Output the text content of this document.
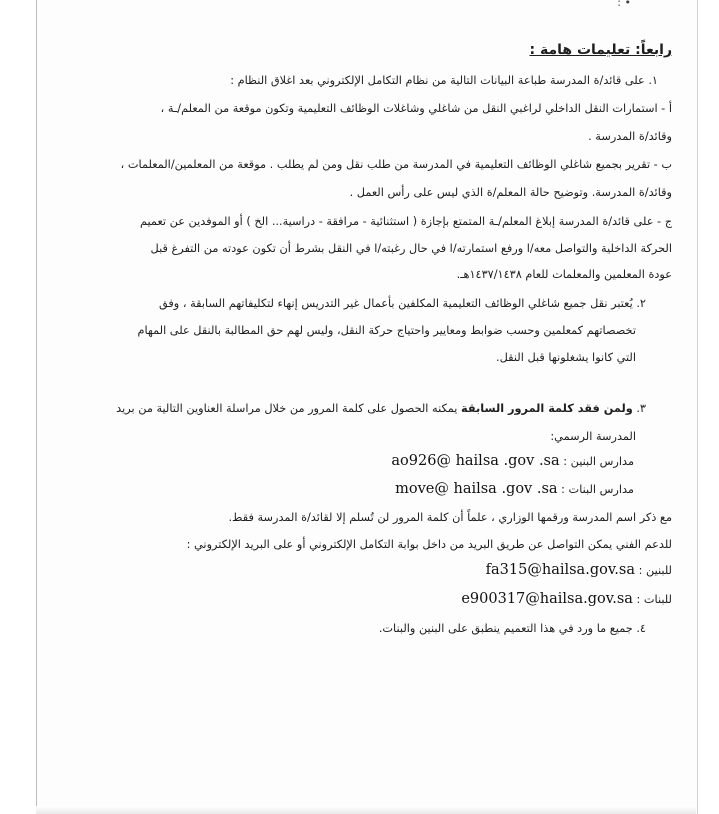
: •
رابعاً: تعليمات هامة :
١. على قائد/ة المدرسة طباعة البيانات التالية من نظام التكامل الإلكتروني بعد اغلاق النظام :
أ - استمارات النقل الداخلي لراغبي النقل من شاغلي وشاغلات الوظائف التعليمية وتكون موقعة من المعلم/ـة ،
وقائد/ة المدرسة .
ب - تقرير بجميع شاغلي الوظائف التعليمية في المدرسة من طلب نقل ومن لم يطلب . موقعة من المعلمين/المعلمات ،
وقائد/ة المدرسة. وتوضيح حالة المعلم/ة الذي ليس على رأس العمل .
ج - على قائد/ة المدرسة إبلاغ المعلم/ـة المتمتع بإجازة ( استثنائية - مرافقة - دراسية... الخ ) أو الموفدين عن تعميم
الحركة الداخلية والتواصل معه/ا ورفع استمارته/ا في حال رغبته/ا في النقل بشرط أن تكون عودته من التفرغ قبل
عودة المعلمين والمعلمات للعام ١٤٣٧/١٤٣٨هـ.
٢. يُعتبر نقل جميع شاغلي الوظائف التعليمية المكلفين بأعمال غير التدريس إنهاء لتكليفاتهم السابقة ، وفق
تخصصاتهم كمعلمين وحسب ضوابط ومعايير واحتياج حركة النقل، وليس لهم حق المطالبة بالنقل على المهام
التي كانوا يشغلونها قبل النقل.
٣. ولمن فقد كلمة المرور السابقة يمكنه الحصول على كلمة المرور من خلال مراسلة العناوين التالية من بريد
المدرسة الرسمي:
مدارس البنين : ao926@ hailsa .gov .sa
مدارس البنات : move@ hailsa .gov .sa
مع ذكر اسم المدرسة ورقمها الوزاري ، علماً أن كلمة المرور لن تُسلم إلا لقائد/ة المدرسة فقط.
للدعم الفني يمكن التواصل عن طريق البريد من داخل بوابة التكامل الإلكتروني أو على البريد الإلكتروني :
للبنين : fa315@hailsa.gov.sa
للبنات : e900317@hailsa.gov.sa
٤. جميع ما ورد في هذا التعميم ينطبق على البنين والبنات.
